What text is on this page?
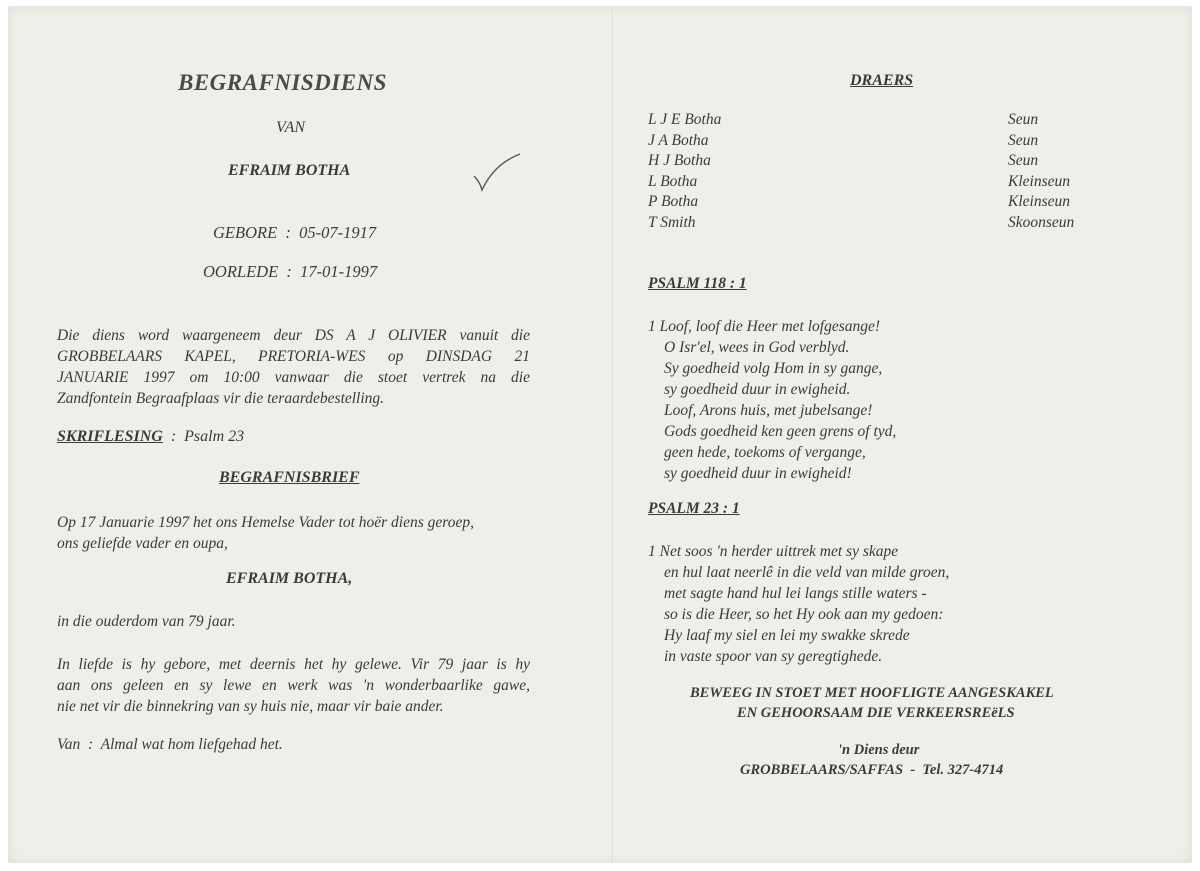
BEGRAFNISDIENS
VAN
EFRAIM BOTHA
GEBORE : 05-07-1917
OORLEDE : 17-01-1997

Die diens word waargeneem deur DS A J OLIVIER vanuit die

GROBBELAARS KAPEL, PRETORIA-WES op DINSDAG 21

JANUARIE 1997 om 10:00 vanwaar die stoet vertrek na die

Zandfontein Begraafplaas vir die teraardebestelling.

SKRIFLESING : Psalm 23
BEGRAFNISBRIEF

Op 17 Januarie 1997 het ons Hemelse Vader tot hoër diens geroep,

ons geliefde vader en oupa,

EFRAIM BOTHA,
in die ouderdom van 79 jaar.

In liefde is hy gebore, met deernis het hy gelewe. Vir 79 jaar is hy

aan ons geleen en sy lewe en werk was 'n wonderbaarlike gawe,

nie net vir die binnekring van sy huis nie, maar vir baie ander.

Van : Almal wat hom liefgehad het.
DRAERS
L J E Botha	Seun
J A Botha	Seun
H J Botha	Seun
L Botha	Kleinseun
P Botha	Kleinseun
T Smith	Skoonseun
PSALM 118 : 1
1 Loof, loof die Heer met lofgesange!
O Isr'el, wees in God verblyd.
Sy goedheid volg Hom in sy gange,
sy goedheid duur in ewigheid.
Loof, Arons huis, met jubelsange!
Gods goedheid ken geen grens of tyd,
geen hede, toekoms of vergange,
sy goedheid duur in ewigheid!
PSALM 23 : 1
1 Net soos 'n herder uittrek met sy skape
en hul laat neerlê in die veld van milde groen,
met sagte hand hul lei langs stille waters -
so is die Heer, so het Hy ook aan my gedoen:
Hy laaf my siel en lei my swakke skrede
in vaste spoor van sy geregtighede.
BEWEEG IN STOET MET HOOFLIGTE AANGESKAKEL
EN GEHOORSAAM DIE VERKEERSREëLS
'n Diens deur
GROBBELAARS/SAFFAS  -  Tel. 327-4714
